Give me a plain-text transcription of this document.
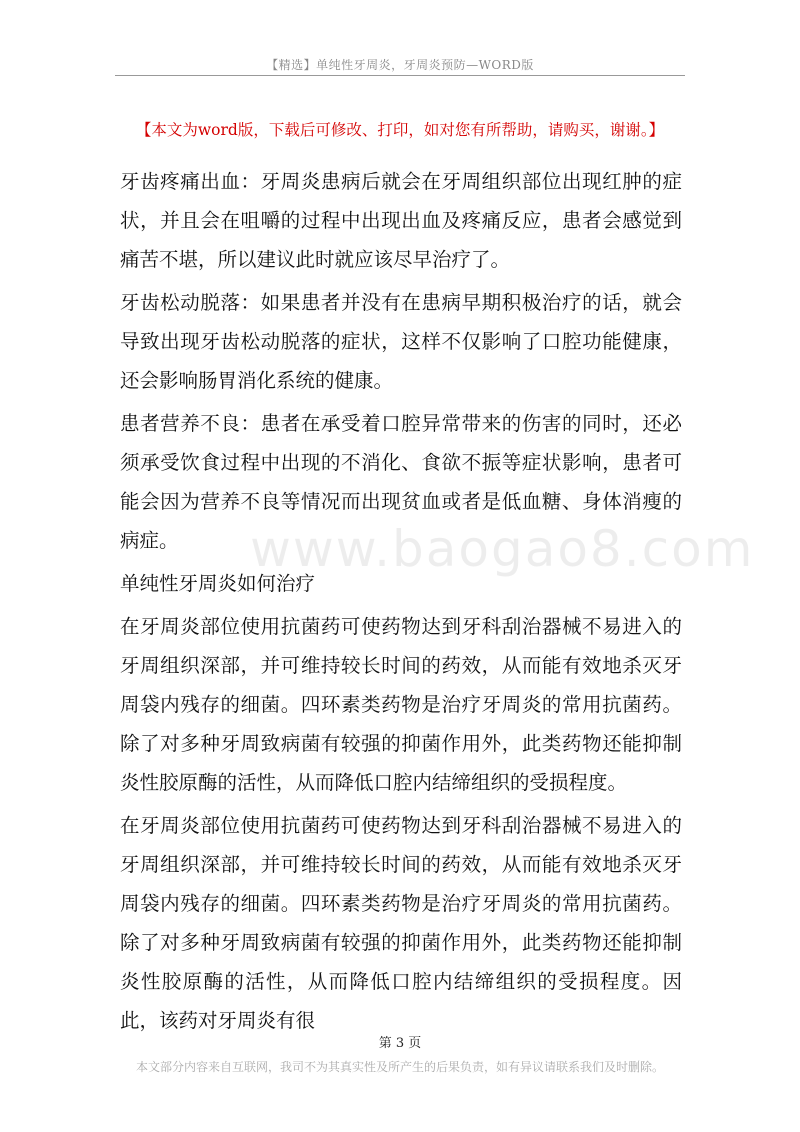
【精选】单纯性牙周炎，牙周炎预防—WORD版
【本文为word版，下载后可修改、打印，如对您有所帮助，请购买，谢谢。】

牙齿疼痛出血：牙周炎患病后就会在牙周组织部位出现红肿的症状，并且会在咀嚼的过程中出现出血及疼痛反应，患者会感觉到痛苦不堪，所以建议此时就应该尽早治疗了。

牙齿松动脱落：如果患者并没有在患病早期积极治疗的话，就会导致出现牙齿松动脱落的症状，这样不仅影响了口腔功能健康，还会影响肠胃消化系统的健康。

患者营养不良：患者在承受着口腔异常带来的伤害的同时，还必须承受饮食过程中出现的不消化、食欲不振等症状影响，患者可能会因为营养不良等情况而出现贫血或者是低血糖、身体消瘦的病症。

单纯性牙周炎如何治疗

在牙周炎部位使用抗菌药可使药物达到牙科刮治器械不易进入的牙周组织深部，并可维持较长时间的药效，从而能有效地杀灭牙周袋内残存的细菌。四环素类药物是治疗牙周炎的常用抗菌药。除了对多种牙周致病菌有较强的抑菌作用外，此类药物还能抑制炎性胶原酶的活性，从而降低口腔内结缔组织的受损程度。

在牙周炎部位使用抗菌药可使药物达到牙科刮治器械不易进入的牙周组织深部，并可维持较长时间的药效，从而能有效地杀灭牙周袋内残存的细菌。四环素类药物是治疗牙周炎的常用抗菌药。除了对多种牙周致病菌有较强的抑菌作用外，此类药物还能抑制炎性胶原酶的活性，从而降低口腔内结缔组织的受损程度。因此，该药对牙周炎有很

www.baogao8.com
第 3 页
本文部分内容来自互联网，我司不为其真实性及所产生的后果负责，如有异议请联系我们及时删除。
